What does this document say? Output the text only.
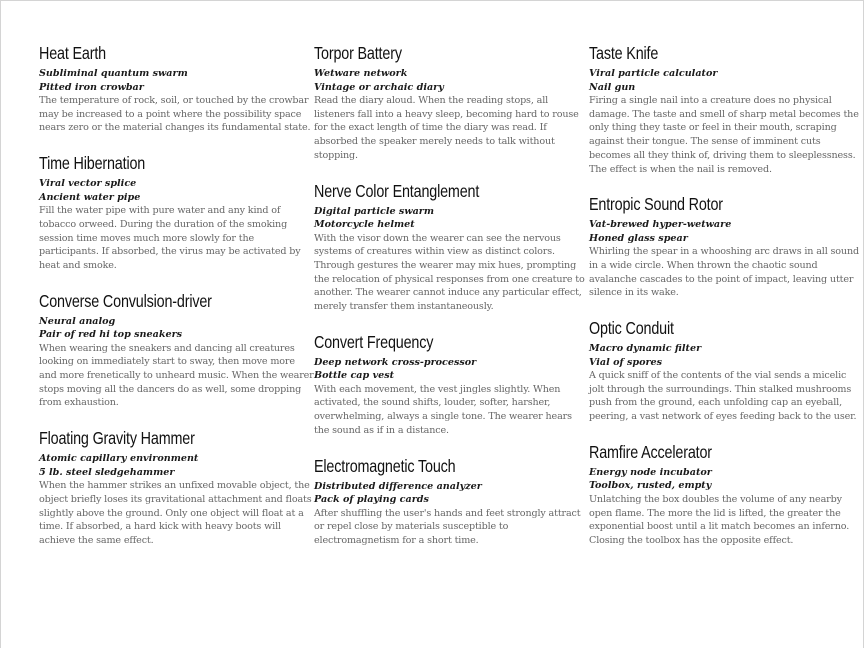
Heat Earth
Subliminal quantum swarm
Pitted iron crowbar
The temperature of rock, soil, or touched by the crowbar may be increased to a point where the possibility space nears zero or the material changes its fundamental state.
Time Hibernation
Viral vector splice
Ancient water pipe
Fill the water pipe with pure water and any kind of tobacco orweed. During the duration of the smoking session time moves much more slowly for the participants. If absorbed, the virus may be activated by heat and smoke.
Converse Convulsion-driver
Neural analog
Pair of red hi top sneakers
When wearing the sneakers and dancing all creatures looking on immediately start to sway, then move more and more frenetically to unheard music. When the wearer stops moving all the dancers do as well, some dropping from exhaustion.
Floating Gravity Hammer
Atomic capillary environment
5 lb. steel sledgehammer
When the hammer strikes an unfixed movable object, the object briefly loses its gravitational attachment and floats slightly above the ground. Only one object will float at a time. If absorbed, a hard kick with heavy boots will achieve the same effect.
Torpor Battery
Wetware network
Vintage or archaic diary
Read the diary aloud. When the reading stops, all listeners fall into a heavy sleep, becoming hard to rouse for the exact length of time the diary was read. If absorbed the speaker merely needs to talk without stopping.
Nerve Color Entanglement
Digital particle swarm
Motorcycle helmet
With the visor down the wearer can see the nervous systems of creatures within view as distinct colors. Through gestures the wearer may mix hues, prompting the relocation of physical responses from one creature to another. The wearer cannot induce any particular effect, merely transfer them instantaneously.
Convert Frequency
Deep network cross-processor
Bottle cap vest
With each movement, the vest jingles slightly. When activated, the sound shifts, louder, softer, harsher, overwhelming, always a single tone. The wearer hears the sound as if in a distance.
Electromagnetic Touch
Distributed difference analyzer
Pack of playing cards
After shuffling the user's hands and feet strongly attract or repel close by materials susceptible to electromagnetism for a short time.
Taste Knife
Viral particle calculator
Nail gun
Firing a single nail into a creature does no physical damage. The taste and smell of sharp metal becomes the only thing they taste or feel in their mouth, scraping against their tongue. The sense of imminent cuts becomes all they think of, driving them to sleeplessness. The effect is when the nail is removed.
Entropic Sound Rotor
Vat-brewed hyper-wetware
Honed glass spear
Whirling the spear in a whooshing arc draws in all sound in a wide circle. When thrown the chaotic sound avalanche cascades to the point of impact, leaving utter silence in its wake.
Optic Conduit
Macro dynamic filter
Vial of spores
A quick sniff of the contents of the vial sends a micelic jolt through the surroundings. Thin stalked mushrooms push from the ground, each unfolding cap an eyeball, peering, a vast network of eyes feeding back to the user.
Ramfire Accelerator
Energy node incubator
Toolbox, rusted, empty
Unlatching the box doubles the volume of any nearby open flame. The more the lid is lifted, the greater the exponential boost until a lit match becomes an inferno. Closing the toolbox has the opposite effect.
